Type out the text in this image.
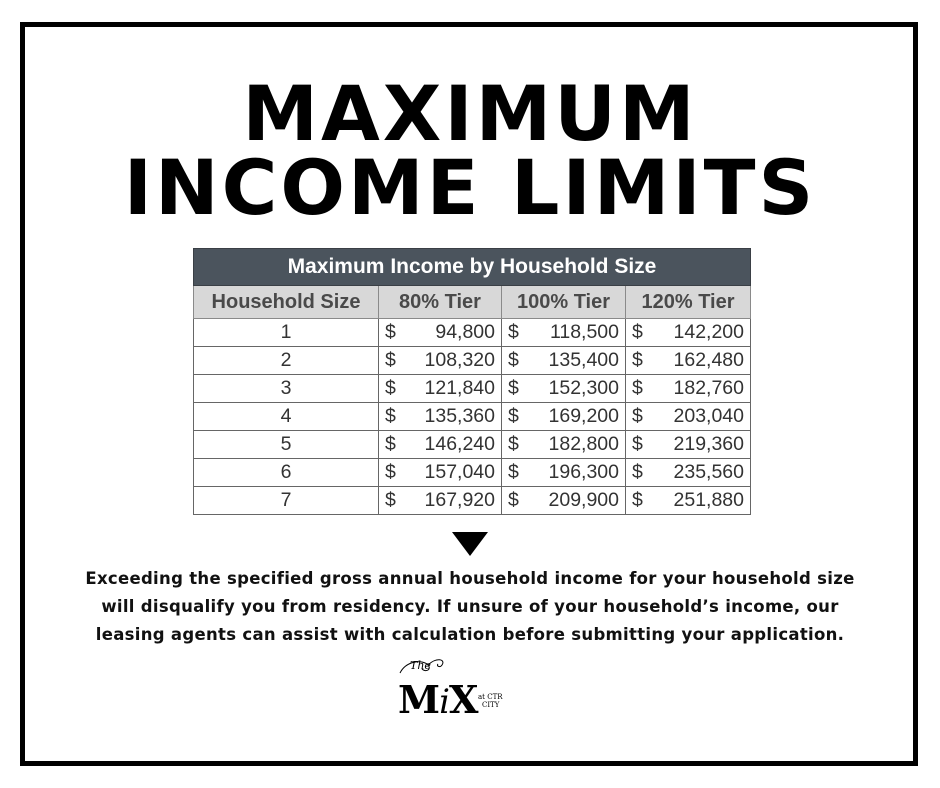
MAXIMUM
INCOME LIMITS
Maximum Income by Household Size			
Household Size	80% Tier	100% Tier	120% Tier
1	$ 94,800	$ 118,500	$ 142,200

2	$ 108,320	$ 135,400	$ 162,480

3	$ 121,840	$ 152,300	$ 182,760

4	$ 135,360	$ 169,200	$ 203,040

5	$ 146,240	$ 182,800	$ 219,360

6	$ 157,040	$ 196,300	$ 235,560

7	$ 167,920	$ 209,900	$ 251,880

Exceeding the specified gross annual household income for your household size

will disqualify you from residency. If unsure of your household’s income, our

leasing agents can assist with calculation before submitting your application.

The
MiX at CTR
CITY
